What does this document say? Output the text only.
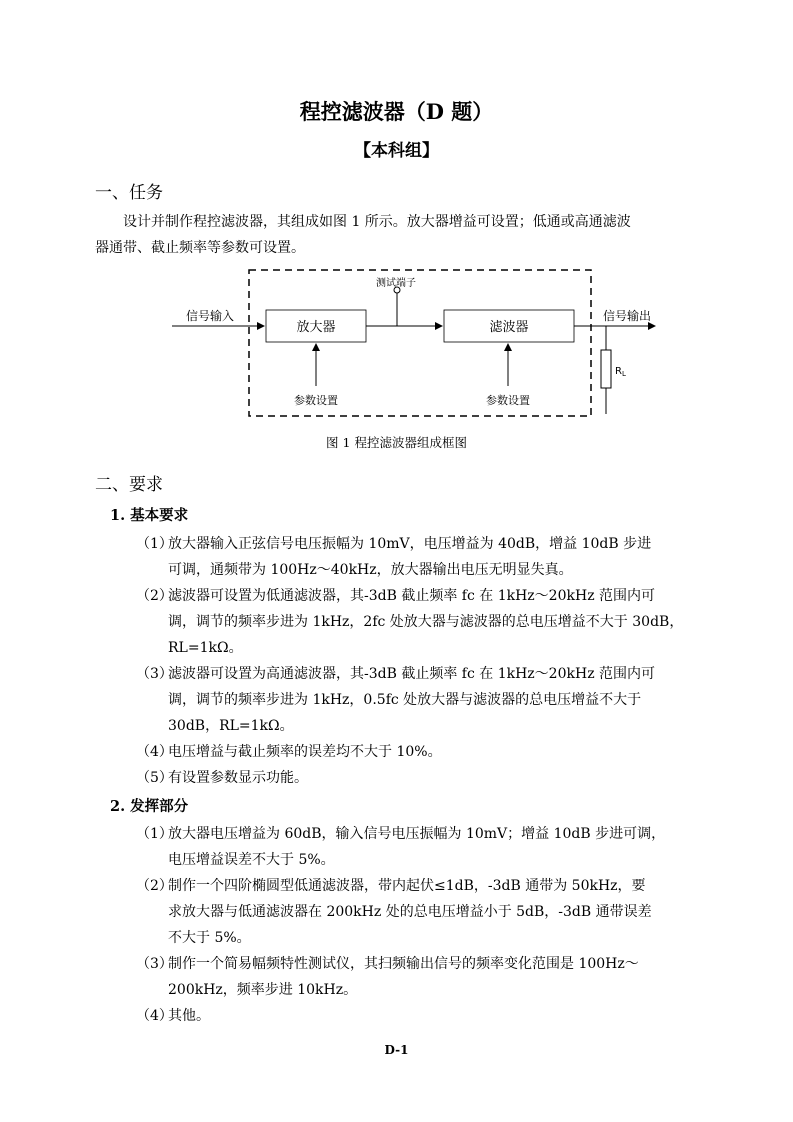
程控滤波器（D 题）
【本科组】
一、任务
设计并制作程控滤波器，其组成如图 1 所示。放大器增益可设置；低通或高通滤波
器通带、截止频率等参数可设置。
测试端子
信号输入	信号输出
放大器	滤波器
参数设置	参数设置
$R_L$
图 1 程控滤波器组成框图
二、要求
1. 基本要求
（1）放大器输入正弦信号电压振幅为 10mV，电压增益为 40dB，增益 10dB 步进
可调，通频带为 100Hz～40kHz，放大器输出电压无明显失真。
（2）滤波器可设置为低通滤波器，其-3dB 截止频率 fc 在 1kHz～20kHz 范围内可
调，调节的频率步进为 1kHz，2fc 处放大器与滤波器的总电压增益不大于 30dB，
RL=1kΩ。
（3）滤波器可设置为高通滤波器，其-3dB 截止频率 fc 在 1kHz～20kHz 范围内可
调，调节的频率步进为 1kHz，0.5fc 处放大器与滤波器的总电压增益不大于
30dB，RL=1kΩ。
（4）电压增益与截止频率的误差均不大于 10%。
（5）有设置参数显示功能。
2. 发挥部分
（1）放大器电压增益为 60dB，输入信号电压振幅为 10mV；增益 10dB 步进可调，
电压增益误差不大于 5%。
（2）制作一个四阶椭圆型低通滤波器，带内起伏≤1dB，-3dB 通带为 50kHz，要
求放大器与低通滤波器在 200kHz 处的总电压增益小于 5dB，-3dB 通带误差
不大于 5%。
（3）制作一个简易幅频特性测试仪，其扫频输出信号的频率变化范围是 100Hz～
200kHz，频率步进 10kHz。
（4）其他。
D-1
